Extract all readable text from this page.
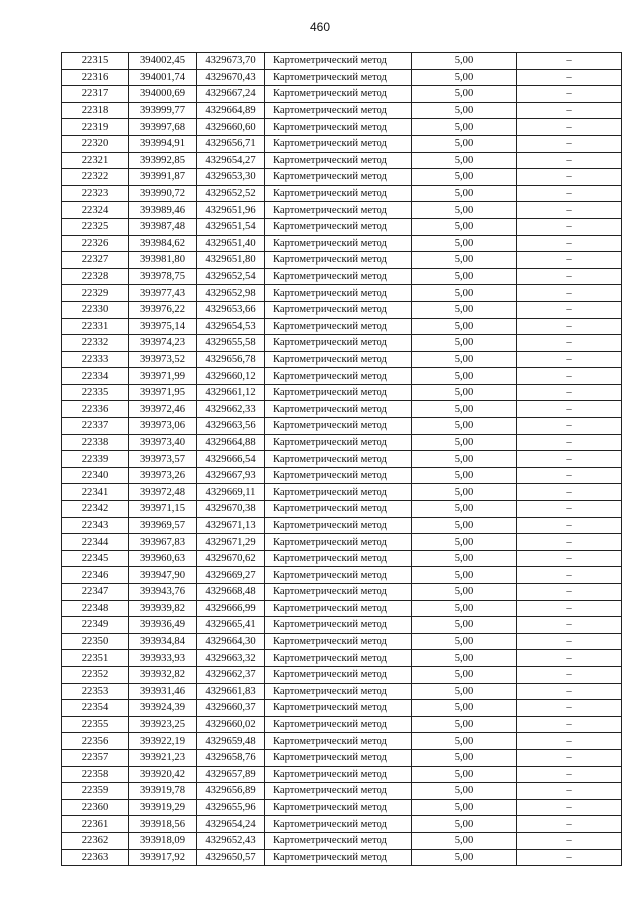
460
22315	394002,45	4329673,70	Картометрический метод	5,00	–
22316	394001,74	4329670,43	Картометрический метод	5,00	–
22317	394000,69	4329667,24	Картометрический метод	5,00	–
22318	393999,77	4329664,89	Картометрический метод	5,00	–
22319	393997,68	4329660,60	Картометрический метод	5,00	–
22320	393994,91	4329656,71	Картометрический метод	5,00	–
22321	393992,85	4329654,27	Картометрический метод	5,00	–
22322	393991,87	4329653,30	Картометрический метод	5,00	–
22323	393990,72	4329652,52	Картометрический метод	5,00	–
22324	393989,46	4329651,96	Картометрический метод	5,00	–
22325	393987,48	4329651,54	Картометрический метод	5,00	–
22326	393984,62	4329651,40	Картометрический метод	5,00	–
22327	393981,80	4329651,80	Картометрический метод	5,00	–
22328	393978,75	4329652,54	Картометрический метод	5,00	–
22329	393977,43	4329652,98	Картометрический метод	5,00	–
22330	393976,22	4329653,66	Картометрический метод	5,00	–
22331	393975,14	4329654,53	Картометрический метод	5,00	–
22332	393974,23	4329655,58	Картометрический метод	5,00	–
22333	393973,52	4329656,78	Картометрический метод	5,00	–
22334	393971,99	4329660,12	Картометрический метод	5,00	–
22335	393971,95	4329661,12	Картометрический метод	5,00	–
22336	393972,46	4329662,33	Картометрический метод	5,00	–
22337	393973,06	4329663,56	Картометрический метод	5,00	–
22338	393973,40	4329664,88	Картометрический метод	5,00	–
22339	393973,57	4329666,54	Картометрический метод	5,00	–
22340	393973,26	4329667,93	Картометрический метод	5,00	–
22341	393972,48	4329669,11	Картометрический метод	5,00	–
22342	393971,15	4329670,38	Картометрический метод	5,00	–
22343	393969,57	4329671,13	Картометрический метод	5,00	–
22344	393967,83	4329671,29	Картометрический метод	5,00	–
22345	393960,63	4329670,62	Картометрический метод	5,00	–
22346	393947,90	4329669,27	Картометрический метод	5,00	–
22347	393943,76	4329668,48	Картометрический метод	5,00	–
22348	393939,82	4329666,99	Картометрический метод	5,00	–
22349	393936,49	4329665,41	Картометрический метод	5,00	–
22350	393934,84	4329664,30	Картометрический метод	5,00	–
22351	393933,93	4329663,32	Картометрический метод	5,00	–
22352	393932,82	4329662,37	Картометрический метод	5,00	–
22353	393931,46	4329661,83	Картометрический метод	5,00	–
22354	393924,39	4329660,37	Картометрический метод	5,00	–
22355	393923,25	4329660,02	Картометрический метод	5,00	–
22356	393922,19	4329659,48	Картометрический метод	5,00	–
22357	393921,23	4329658,76	Картометрический метод	5,00	–
22358	393920,42	4329657,89	Картометрический метод	5,00	–
22359	393919,78	4329656,89	Картометрический метод	5,00	–
22360	393919,29	4329655,96	Картометрический метод	5,00	–
22361	393918,56	4329654,24	Картометрический метод	5,00	–
22362	393918,09	4329652,43	Картометрический метод	5,00	–
22363	393917,92	4329650,57	Картометрический метод	5,00	–
